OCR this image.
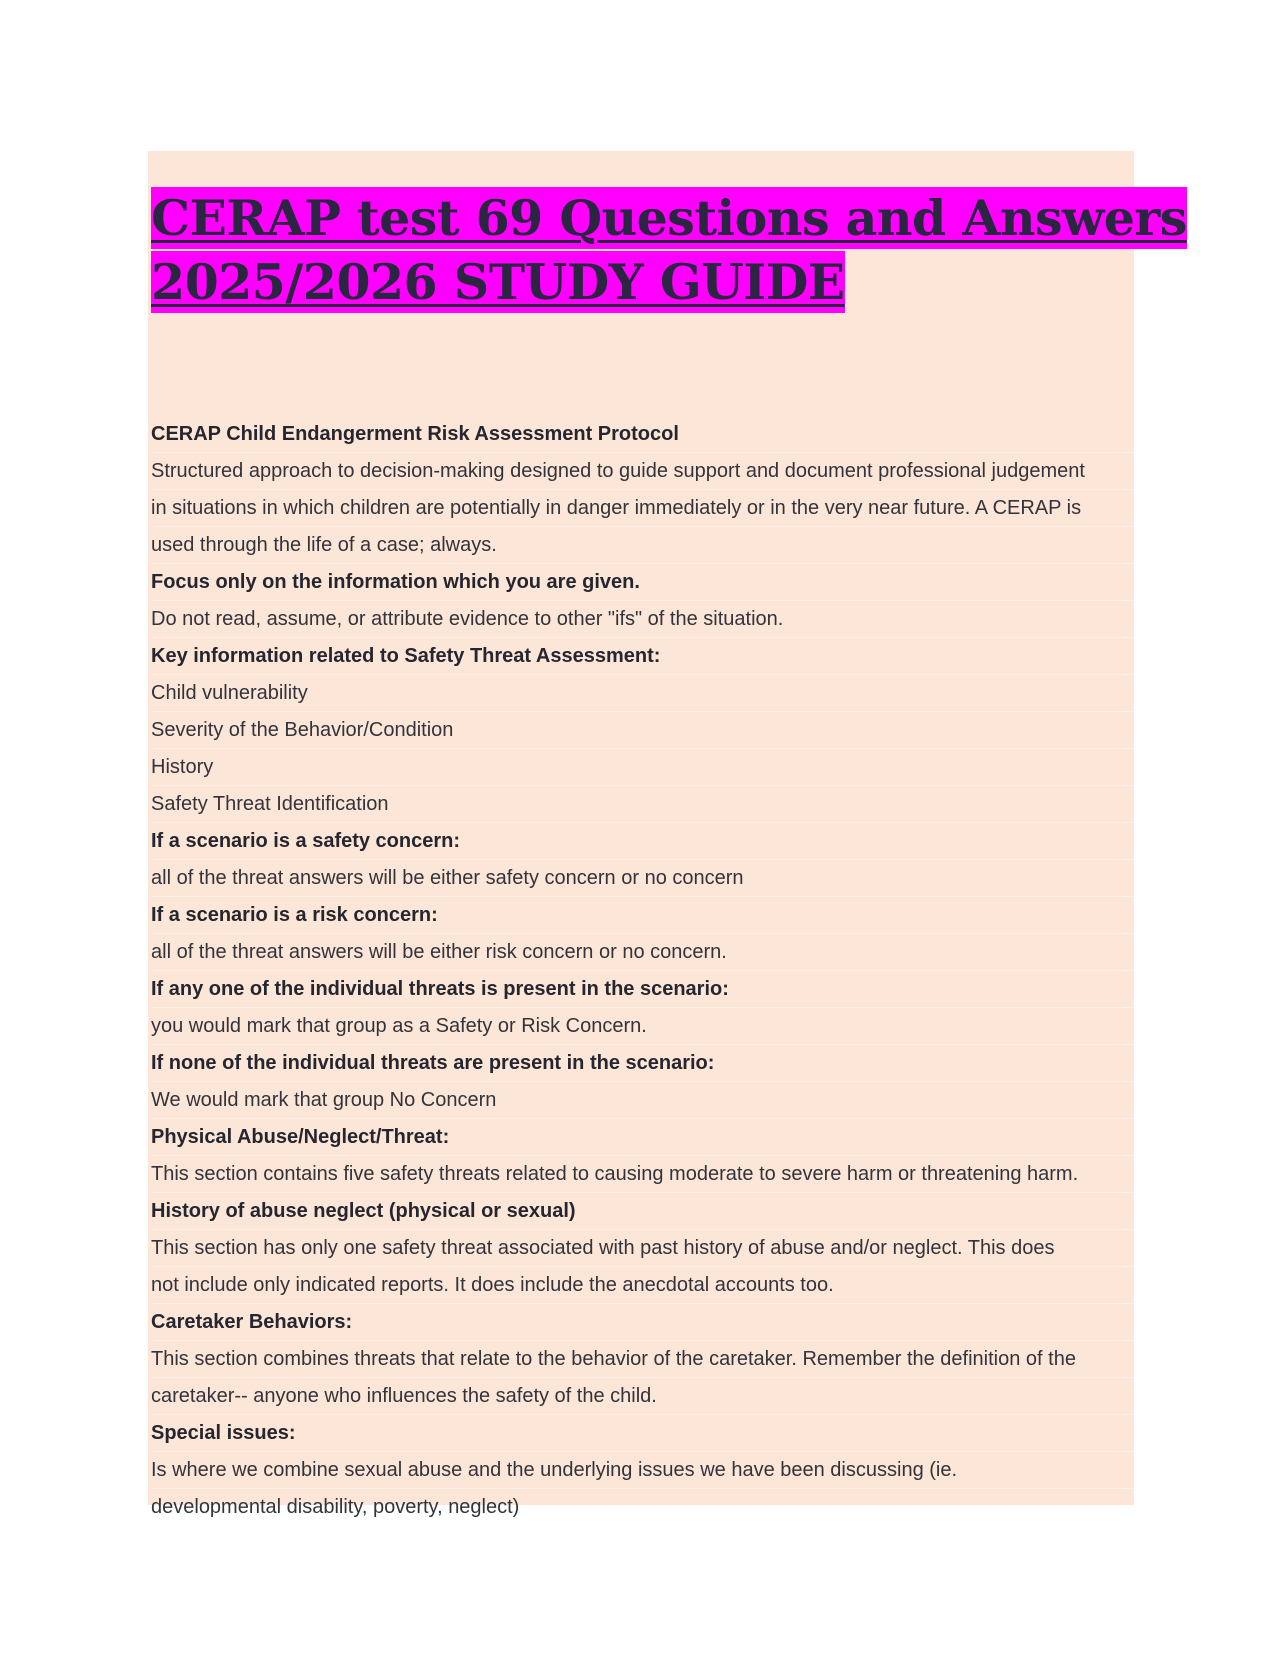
CERAP test 69 Questions and Answers
2025/2026 STUDY GUIDE
CERAP Child Endangerment Risk Assessment Protocol
Structured approach to decision-making designed to guide support and document professional judgement
in situations in which children are potentially in danger immediately or in the very near future. A CERAP is
used through the life of a case; always.
Focus only on the information which you are given.
Do not read, assume, or attribute evidence to other "ifs" of the situation.
Key information related to Safety Threat Assessment:
Child vulnerability
Severity of the Behavior/Condition
History
Safety Threat Identification
If a scenario is a safety concern:
all of the threat answers will be either safety concern or no concern
If a scenario is a risk concern:
all of the threat answers will be either risk concern or no concern.
If any one of the individual threats is present in the scenario:
you would mark that group as a Safety or Risk Concern.
If none of the individual threats are present in the scenario:
We would mark that group No Concern
Physical Abuse/Neglect/Threat:
This section contains five safety threats related to causing moderate to severe harm or threatening harm.
History of abuse neglect (physical or sexual)
This section has only one safety threat associated with past history of abuse and/or neglect. This does
not include only indicated reports. It does include the anecdotal accounts too.
Caretaker Behaviors:
This section combines threats that relate to the behavior of the caretaker. Remember the definition of the
caretaker-- anyone who influences the safety of the child.
Special issues:
Is where we combine sexual abuse and the underlying issues we have been discussing (ie.
developmental disability, poverty, neglect)
